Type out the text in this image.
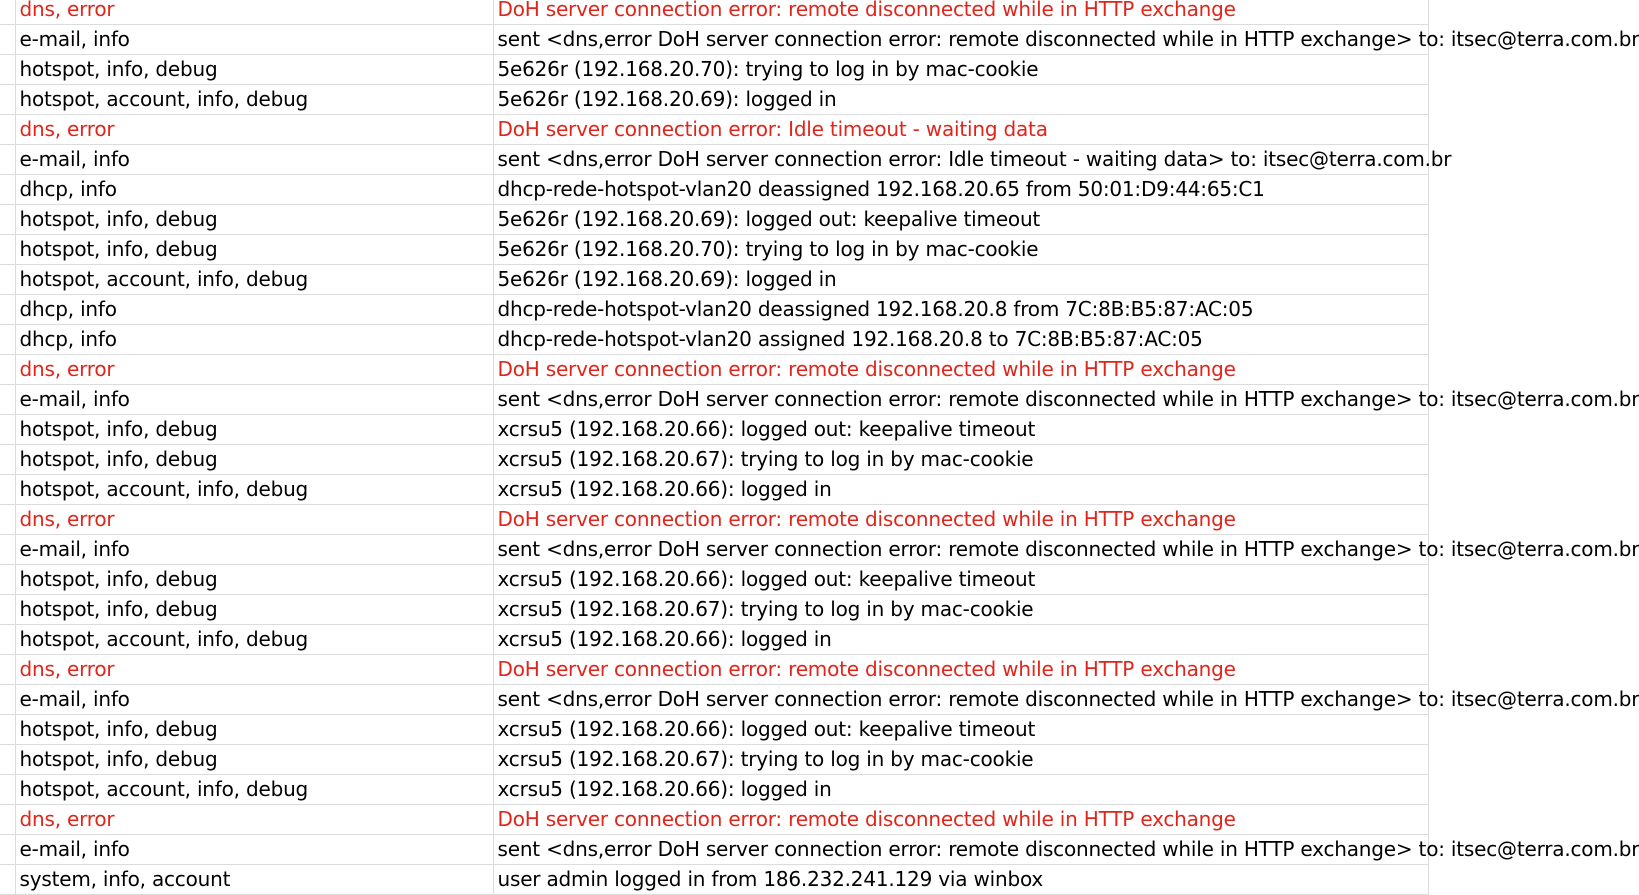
	dns, error	DoH server connection error: remote disconnected while in HTTP exchange
	e-mail, info	sent <dns,error DoH server connection error: remote disconnected while in HTTP exchange> to: itsec@terra.com.br
	hotspot, info, debug	5e626r (192.168.20.70): trying to log in by mac-cookie
	hotspot, account, info, debug	5e626r (192.168.20.69): logged in
	dns, error	DoH server connection error: Idle timeout - waiting data
	e-mail, info	sent <dns,error DoH server connection error: Idle timeout - waiting data> to: itsec@terra.com.br
	dhcp, info	dhcp-rede-hotspot-vlan20 deassigned 192.168.20.65 from 50:01:D9:44:65:C1
	hotspot, info, debug	5e626r (192.168.20.69): logged out: keepalive timeout
	hotspot, info, debug	5e626r (192.168.20.70): trying to log in by mac-cookie
	hotspot, account, info, debug	5e626r (192.168.20.69): logged in
	dhcp, info	dhcp-rede-hotspot-vlan20 deassigned 192.168.20.8 from 7C:8B:B5:87:AC:05
	dhcp, info	dhcp-rede-hotspot-vlan20 assigned 192.168.20.8 to 7C:8B:B5:87:AC:05
	dns, error	DoH server connection error: remote disconnected while in HTTP exchange
	e-mail, info	sent <dns,error DoH server connection error: remote disconnected while in HTTP exchange> to: itsec@terra.com.br
	hotspot, info, debug	xcrsu5 (192.168.20.66): logged out: keepalive timeout
	hotspot, info, debug	xcrsu5 (192.168.20.67): trying to log in by mac-cookie
	hotspot, account, info, debug	xcrsu5 (192.168.20.66): logged in
	dns, error	DoH server connection error: remote disconnected while in HTTP exchange
	e-mail, info	sent <dns,error DoH server connection error: remote disconnected while in HTTP exchange> to: itsec@terra.com.br
	hotspot, info, debug	xcrsu5 (192.168.20.66): logged out: keepalive timeout
	hotspot, info, debug	xcrsu5 (192.168.20.67): trying to log in by mac-cookie
	hotspot, account, info, debug	xcrsu5 (192.168.20.66): logged in
	dns, error	DoH server connection error: remote disconnected while in HTTP exchange
	e-mail, info	sent <dns,error DoH server connection error: remote disconnected while in HTTP exchange> to: itsec@terra.com.br
	hotspot, info, debug	xcrsu5 (192.168.20.66): logged out: keepalive timeout
	hotspot, info, debug	xcrsu5 (192.168.20.67): trying to log in by mac-cookie
	hotspot, account, info, debug	xcrsu5 (192.168.20.66): logged in
	dns, error	DoH server connection error: remote disconnected while in HTTP exchange
	e-mail, info	sent <dns,error DoH server connection error: remote disconnected while in HTTP exchange> to: itsec@terra.com.br
	system, info, account	user admin logged in from 186.232.241.129 via winbox
